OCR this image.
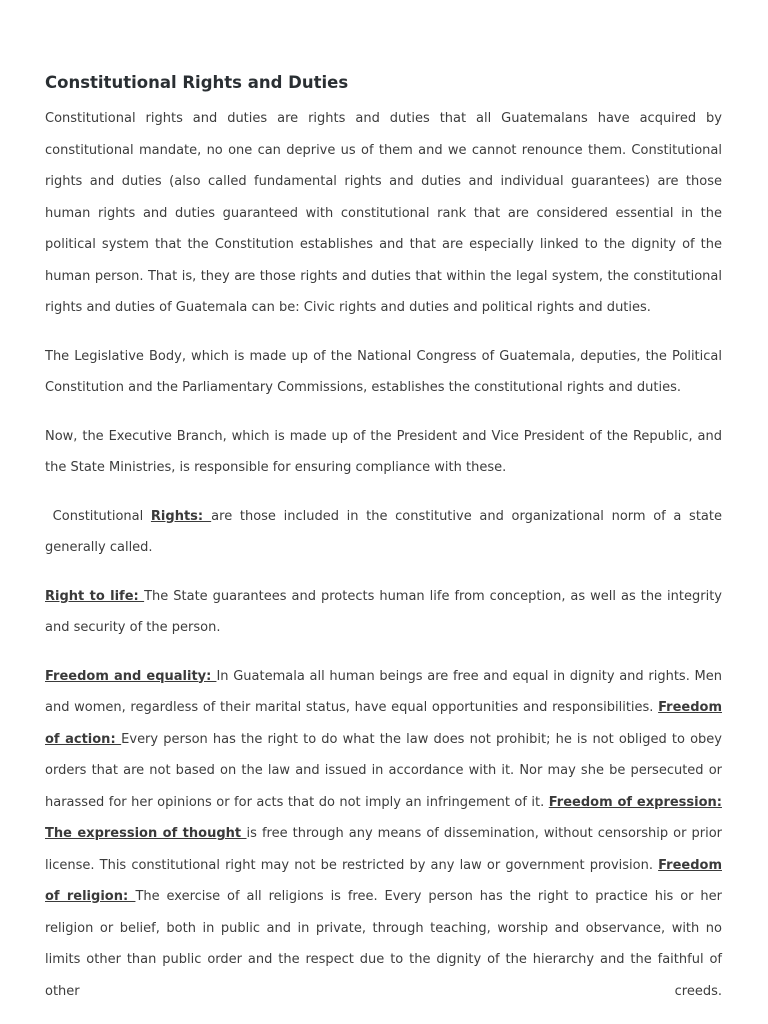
Constitutional Rights and Duties

Constitutional rights and duties are rights and duties that all Guatemalans have acquired by constitutional mandate, no one can deprive us of them and we cannot renounce them. Constitutional rights and duties (also called fundamental rights and duties and individual guarantees) are those human rights and duties guaranteed with constitutional rank that are considered essential in the political system that the Constitution establishes and that are especially linked to the dignity of the human person. That is, they are those rights and duties that within the legal system, the constitutional rights and duties of Guatemala can be: Civic rights and duties and political rights and duties.

The Legislative Body, which is made up of the National Congress of Guatemala, deputies, the Political Constitution and the Parliamentary Commissions, establishes the constitutional rights and duties.

Now, the Executive Branch, which is made up of the President and Vice President of the Republic, and the State Ministries, is responsible for ensuring compliance with these.

Constitutional Rights: are those included in the constitutive and organizational norm of a state generally called.

Right to life: The State guarantees and protects human life from conception, as well as the integrity and security of the person.

Freedom and equality: In Guatemala all human beings are free and equal in dignity and rights. Men and women, regardless of their marital status, have equal opportunities and responsibilities. Freedom of action: Every person has the right to do what the law does not prohibit; he is not obliged to obey orders that are not based on the law and issued in accordance with it. Nor may she be persecuted or harassed for her opinions or for acts that do not imply an infringement of it. Freedom of expression: The expression of thought is free through any means of dissemination, without censorship or prior license. This constitutional right may not be restricted by any law or government provision. Freedom of religion: The exercise of all religions is free. Every person has the right to practice his or her religion or belief, both in public and in private, through teaching, worship and observance, with no limits other than public order and the respect due to the dignity of the hierarchy and the faithful of other creeds.
